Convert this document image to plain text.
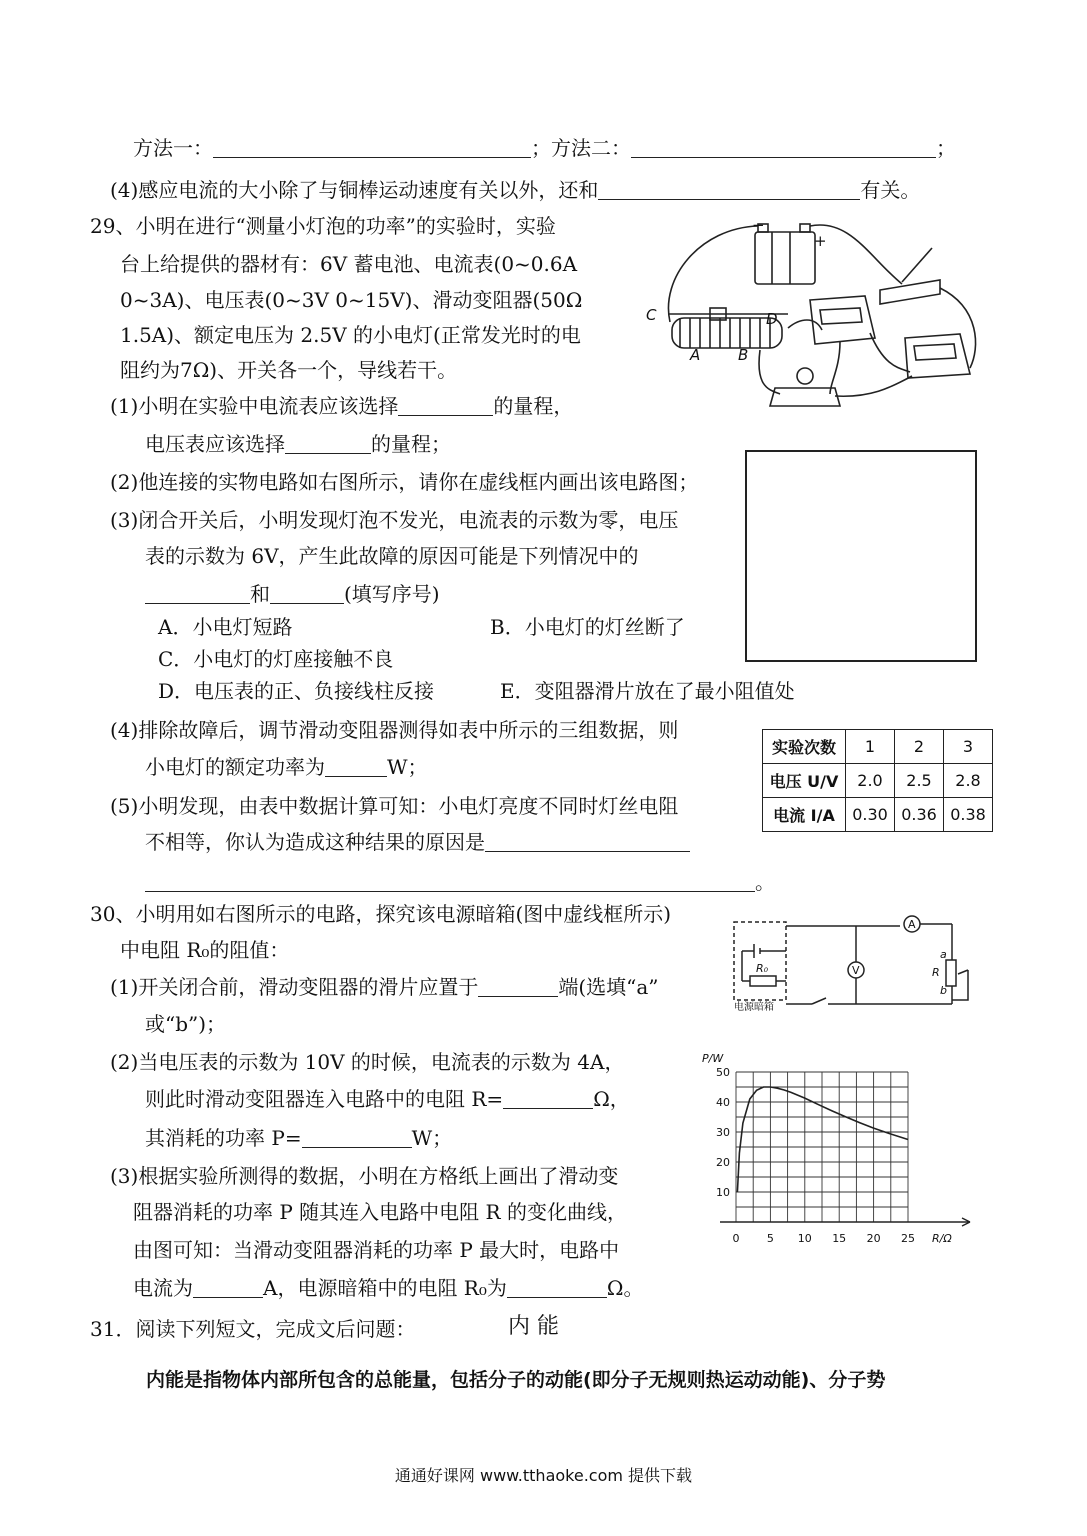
方法一：	；方法二：	；
(4)感应电流的大小除了与铜棒运动速度有关以外，还和	有关。
29、小明在进行“测量小灯泡的功率”的实验时，实验
台上给提供的器材有：6V 蓄电池、电流表(0~0.6A
0~3A)、电压表(0~3V 0~15V)、滑动变阻器(50Ω
1.5A)、额定电压为 2.5V 的小电灯(正常发光时的电
阻约为7Ω)、开关各一个，导线若干。
C	D
A	B
−
+
(1)小明在实验中电流表应该选择	的量程，
电压表应该选择	的量程；
(2)他连接的实物电路如右图所示，请你在虚线框内画出该电路图；
(3)闭合开关后，小明发现灯泡不发光，电流表的示数为零，电压
表的示数为 6V，产生此故障的原因可能是下列情况中的
和	(填写序号)
A．小电灯短路	B．小电灯的灯丝断了
C．小电灯的灯座接触不良
D．电压表的正、负接线柱反接	E．变阻器滑片放在了最小阻值处
(4)排除故障后，调节滑动变阻器测得如表中所示的三组数据，则
小电灯的额定功率为	W；
(5)小明发现，由表中数据计算可知：小电灯亮度不同时灯丝电阻
不相等，你认为造成这种结果的原因是
。
实验次数	1	2	3
电压 U/V	2.0	2.5	2.8
电流 I/A	0.30	0.36	0.38
30、小明用如右图所示的电路，探究该电源暗箱(图中虚线框所示)
中电阻 R₀的阻值：
(1)开关闭合前，滑动变阻器的滑片应置于	端(选填“a”
或“b”)；
(2)当电压表的示数为 10V 的时候，电流表的示数为 4A，
则此时滑动变阻器连入电路中的电阻 R=	Ω，
其消耗的功率 P=	W；
(3)根据实验所测得的数据，小明在方格纸上画出了滑动变
阻器消耗的功率 P 随其连入电路中电阻 R 的变化曲线，
由图可知：当滑动变阻器消耗的功率 P 最大时，电路中
电流为	A，电源暗箱中的电阻 R₀为	Ω。
A
V
a
R
b
R₀
电源暗箱
0 5 10 15 20 25
10
20
30
40
50
P/W
R/Ω
31．阅读下列短文，完成文后问题：	内 能
内能是指物体内部所包含的总能量，包括分子的动能(即分子无规则热运动动能)、分子势
通通好课网 www.tthaoke.com 提供下载
